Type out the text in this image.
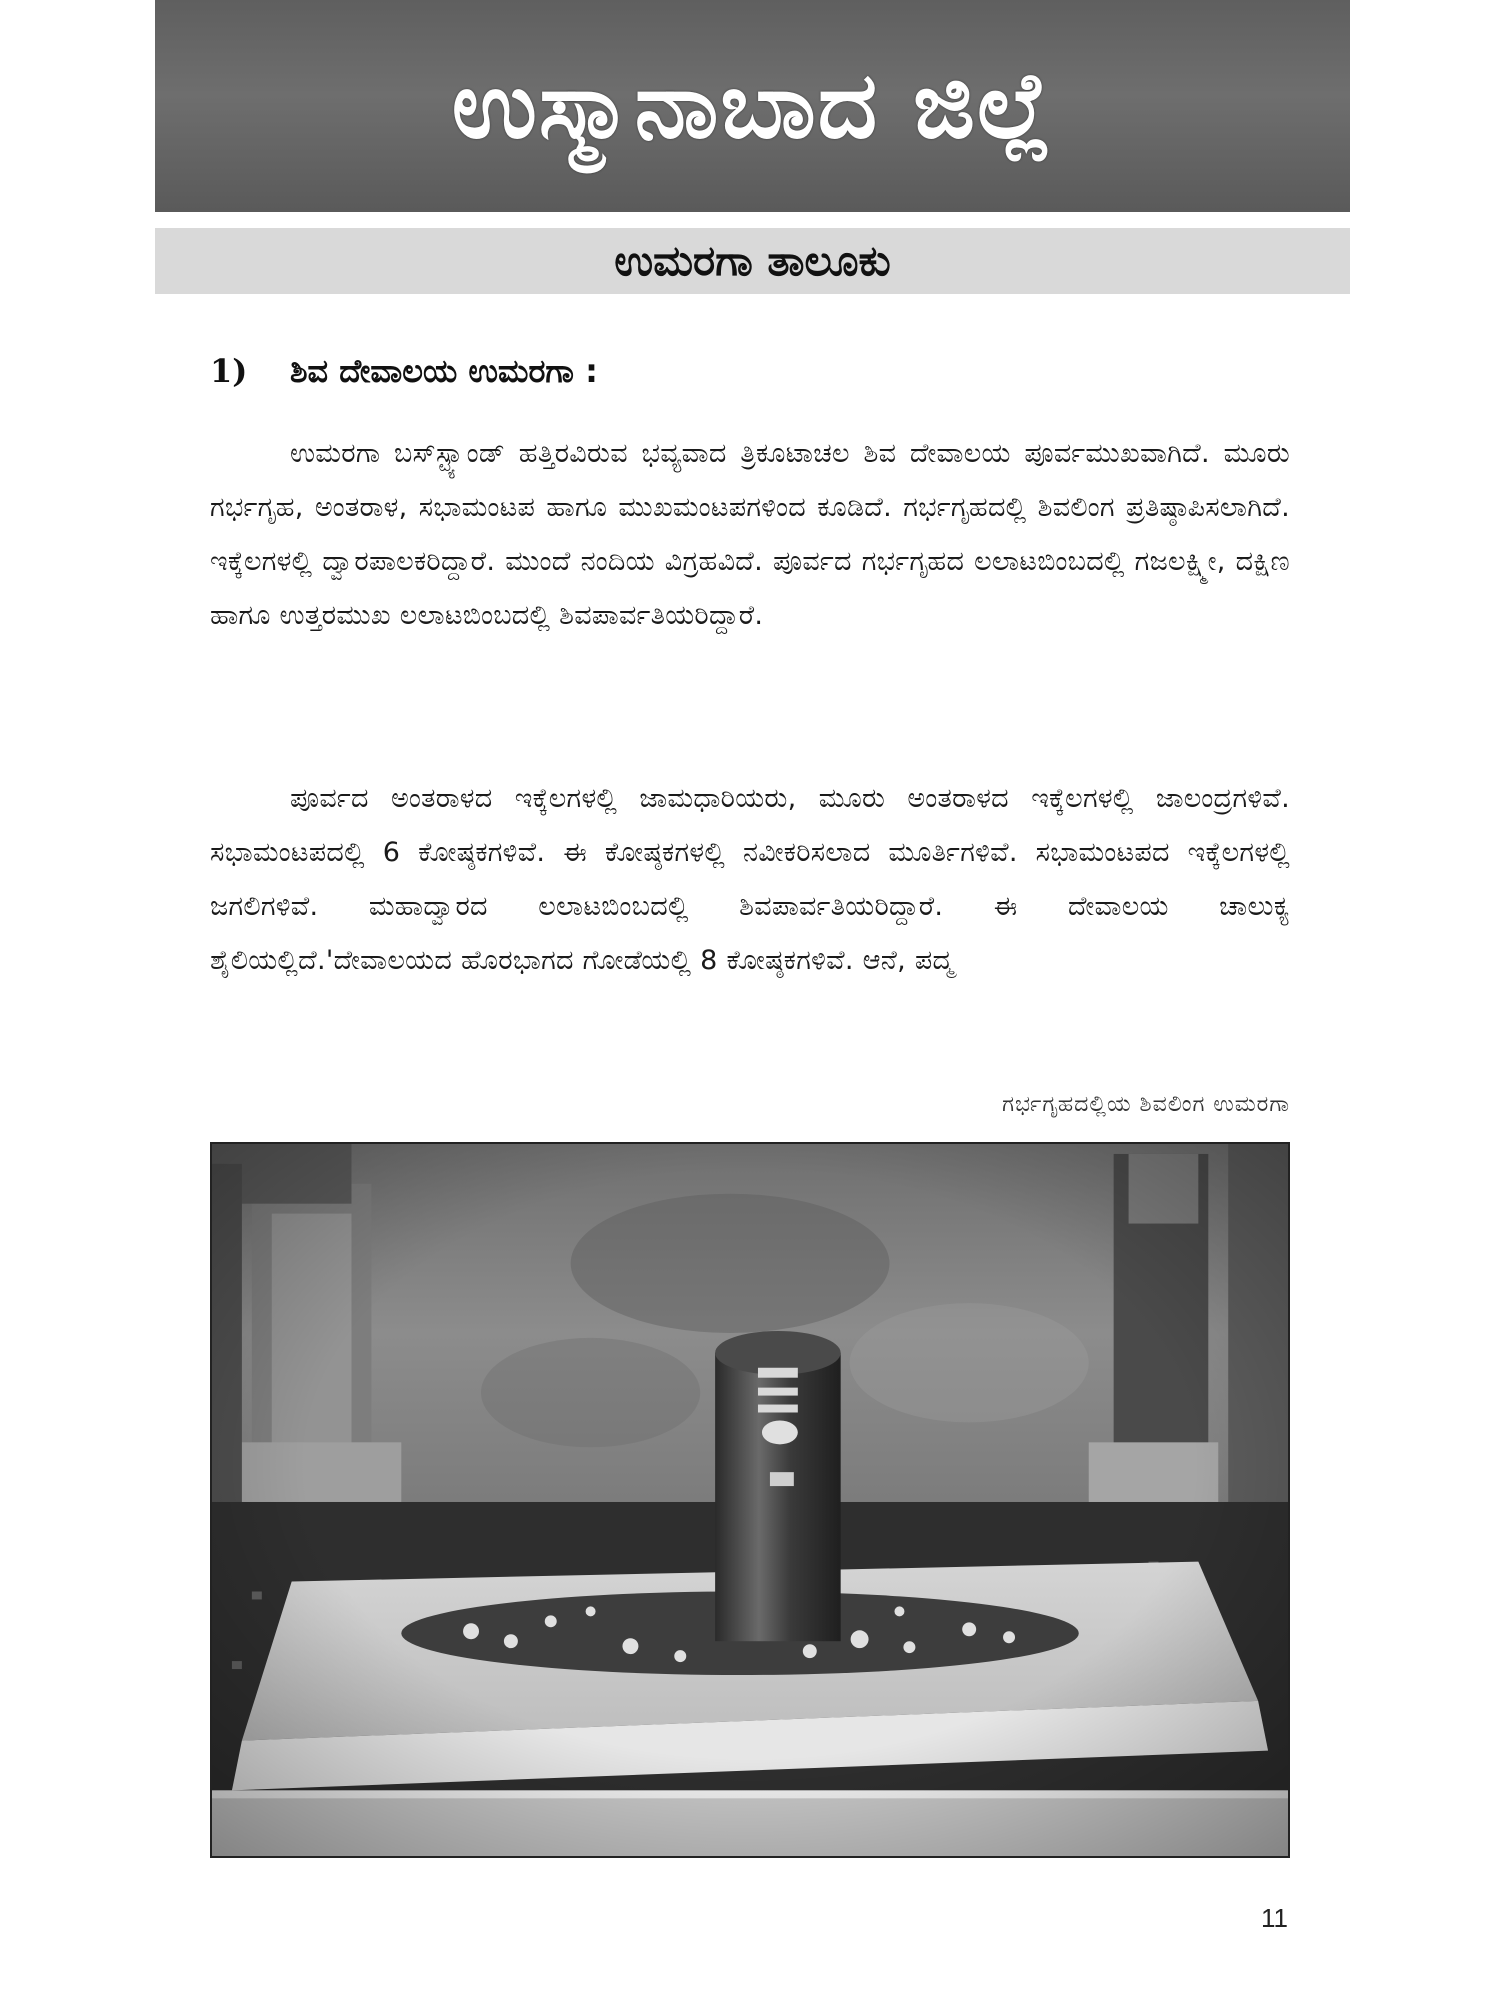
ಉಸ್ಮಾನಾಬಾದ ಜಿಲ್ಲೆ
ಉಮರಗಾ ತಾಲೂಕು
1)	ಶಿವ ದೇವಾಲಯ ಉಮರಗಾ :

ಉಮರಗಾ ಬಸ್‌ಸ್ಟ್ಯಾಂಡ್ ಹತ್ತಿರವಿರುವ ಭವ್ಯವಾದ ತ್ರಿಕೂಟಾಚಲ ಶಿವ ದೇವಾಲಯ ಪೂರ್ವಮುಖವಾಗಿದೆ. ಮೂರು ಗರ್ಭಗೃಹ, ಅಂತರಾಳ, ಸಭಾಮಂಟಪ ಹಾಗೂ ಮುಖಮಂಟಪಗಳಿಂದ ಕೂಡಿದೆ. ಗರ್ಭಗೃಹದಲ್ಲಿ ಶಿವಲಿಂಗ ಪ್ರತಿಷ್ಠಾಪಿಸಲಾಗಿದೆ. ಇಕ್ಕೆಲಗಳಲ್ಲಿ ದ್ವಾರಪಾಲಕರಿದ್ದಾರೆ. ಮುಂದೆ ನಂದಿಯ ವಿಗ್ರಹವಿದೆ. ಪೂರ್ವದ ಗರ್ಭಗೃಹದ ಲಲಾಟಬಿಂಬದಲ್ಲಿ ಗಜಲಕ್ಷ್ಮೀ, ದಕ್ಷಿಣ ಹಾಗೂ ಉತ್ತರಮುಖ ಲಲಾಟಬಿಂಬದಲ್ಲಿ ಶಿವಪಾರ್ವತಿಯರಿದ್ದಾರೆ.

ಪೂರ್ವದ ಅಂತರಾಳದ ಇಕ್ಕೆಲಗಳಲ್ಲಿ ಜಾಮಧಾರಿಯರು, ಮೂರು ಅಂತರಾಳದ ಇಕ್ಕೆಲಗಳಲ್ಲಿ ಜಾಲಂದ್ರಗಳಿವೆ. ಸಭಾಮಂಟಪದಲ್ಲಿ 6 ಕೋಷ್ಠಕಗಳಿವೆ. ಈ ಕೋಷ್ಠಕಗಳಲ್ಲಿ ನವೀಕರಿಸಲಾದ ಮೂರ್ತಿಗಳಿವೆ. ಸಭಾಮಂಟಪದ ಇಕ್ಕೆಲಗಳಲ್ಲಿ ಜಗಲಿಗಳಿವೆ. ಮಹಾದ್ವಾರದ ಲಲಾಟಬಿಂಬದಲ್ಲಿ ಶಿವಪಾರ್ವತಿಯರಿದ್ದಾರೆ. ಈ ದೇವಾಲಯ ಚಾಲುಕ್ಯ ಶೈಲಿಯಲ್ಲಿದೆ.'ದೇವಾಲಯದ ಹೊರಭಾಗದ ಗೋಡೆಯಲ್ಲಿ 8 ಕೋಷ್ಠಕಗಳಿವೆ. ಆನೆ, ಪದ್ಮ

ಗರ್ಭಗೃಹದಲ್ಲಿಯ ಶಿವಲಿಂಗ ಉಮರಗಾ
11
